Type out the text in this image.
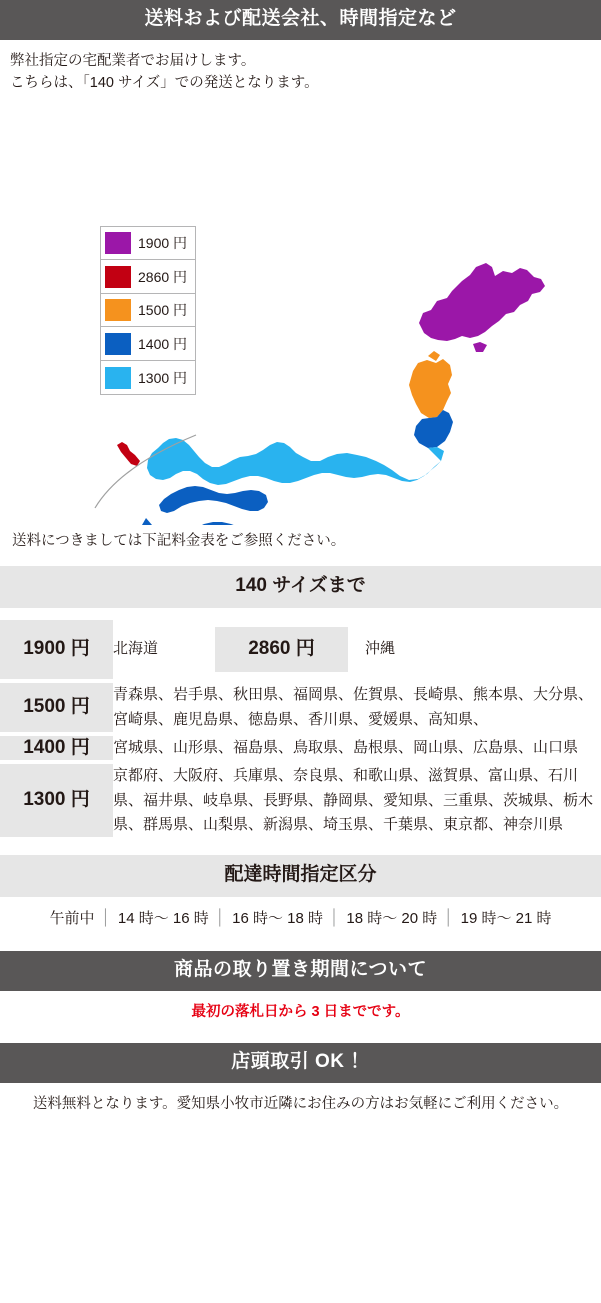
送料および配送会社、時間指定など
弊社指定の宅配業者でお届けします。
こちらは、「140 サイズ」での発送となります。
1900 円
2860 円
1500 円
1400 円
1300 円
送料につきましては下記料金表をご参照ください。
140 サイズまで
1900 円	北海道 2860 円 沖縄

1500 円	青森県、岩手県、秋田県、福岡県、佐賀県、長崎県、熊本県、大分県、宮崎県、鹿児島県、徳島県、香川県、愛媛県、高知県、
1400 円	宮城県、山形県、福島県、鳥取県、島根県、岡山県、広島県、山口県
1300 円	京都府、大阪府、兵庫県、奈良県、和歌山県、滋賀県、富山県、石川県、福井県、岐阜県、長野県、静岡県、愛知県、三重県、茨城県、栃木県、群馬県、山梨県、新潟県、埼玉県、千葉県、東京都、神奈川県
配達時間指定区分
午前中 │ 14 時〜 16 時 │ 16 時〜 18 時 │ 18 時〜 20 時 │ 19 時〜 21 時
商品の取り置き期間について
最初の落札日から 3 日までです。
店頭取引 OK ！
送料無料となります。愛知県小牧市近隣にお住みの方はお気軽にご利用ください。
